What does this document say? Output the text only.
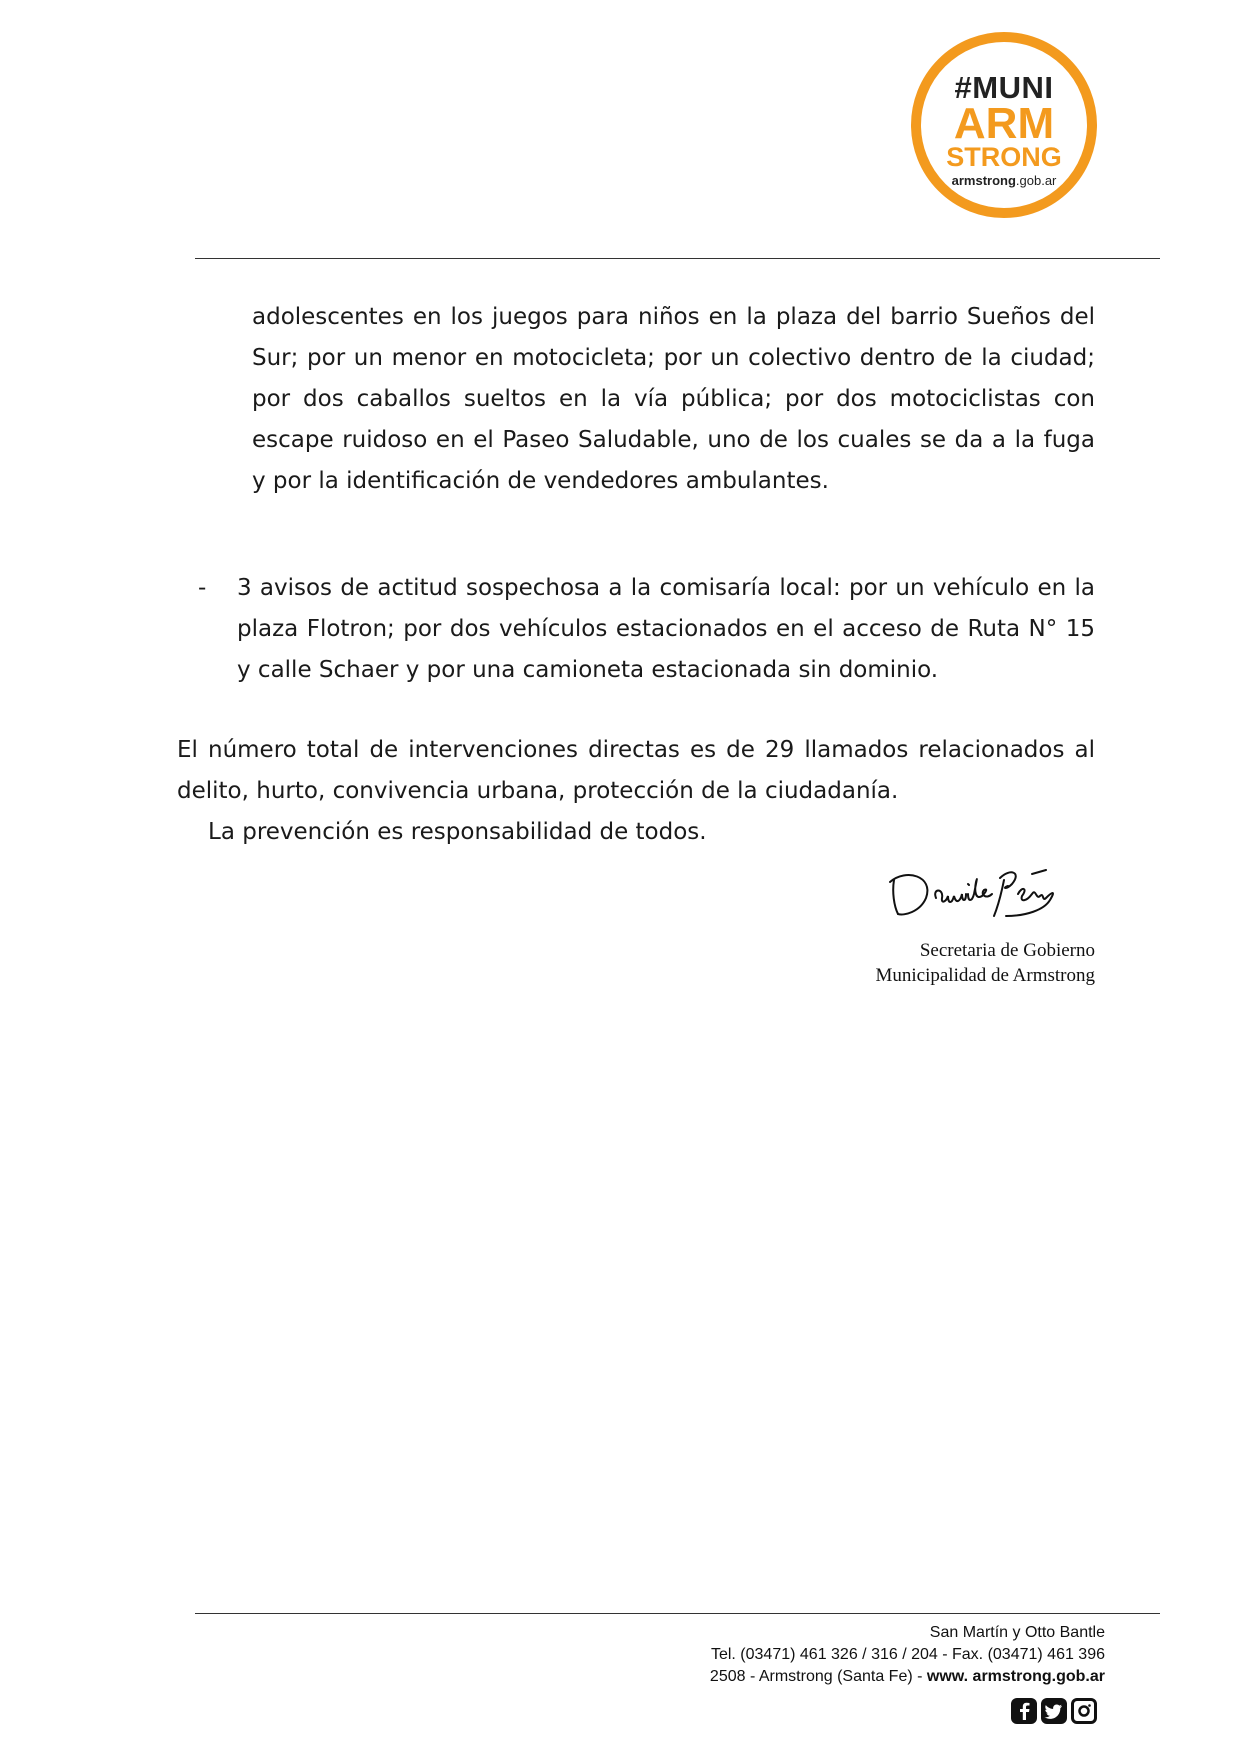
#MUNI
ARM
STRONG
armstrong.gob.ar

adolescentes en los juegos para niños en la plaza del barrio Sueños del Sur; por un menor en motocicleta; por un colectivo dentro de la ciudad; por dos caballos sueltos en la vía pública; por dos motociclistas con escape ruidoso en el Paseo Saludable, uno de los cuales se da a la fuga y por la identificación de vendedores ambulantes.

- 3 avisos de actitud sospechosa a la comisaría local: por un vehículo en la plaza Flotron; por dos vehículos estacionados en el acceso de Ruta N° 15 y calle Schaer y por una camioneta estacionada sin dominio.

El número total de intervenciones directas es de 29 llamados relacionados al delito, hurto, convivencia urbana, protección de la ciudadanía.

La prevención es responsabilidad de todos.
Secretaria de Gobierno
Municipalidad de Armstrong
San Martín y Otto Bantle
Tel. (03471) 461 326 / 316 / 204 - Fax. (03471) 461 396
2508 - Armstrong (Santa Fe) - www. armstrong.gob.ar
